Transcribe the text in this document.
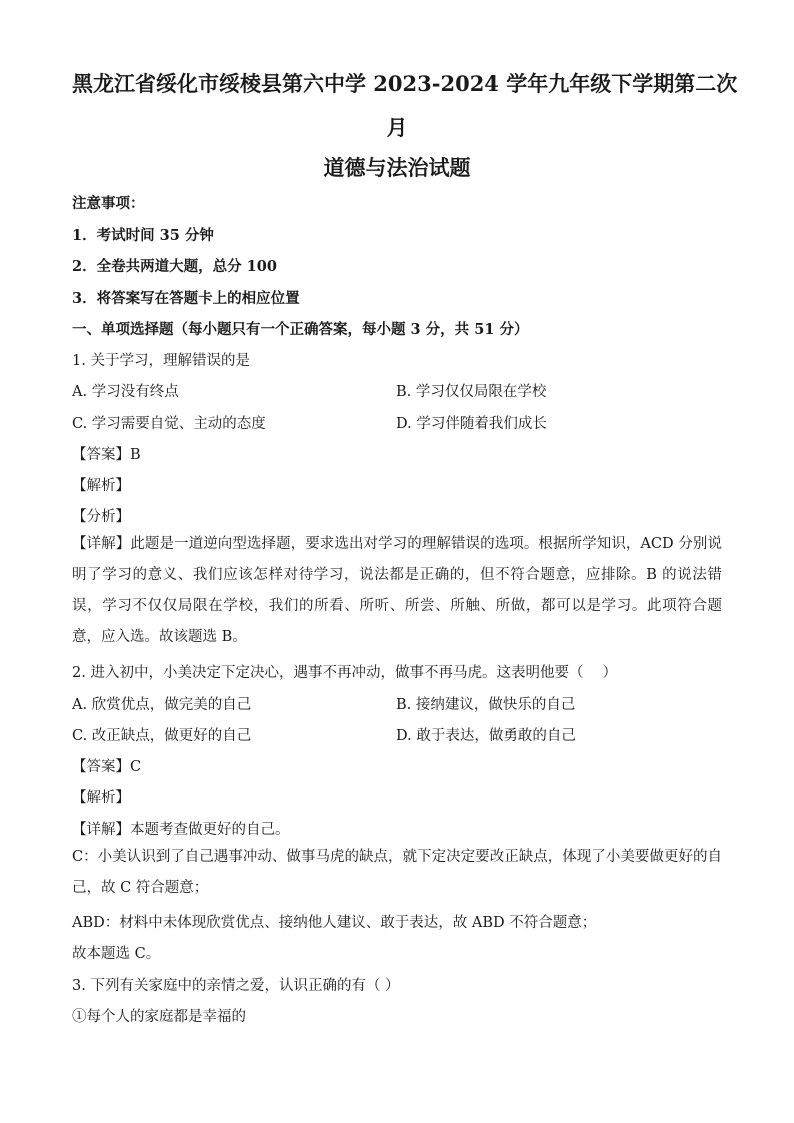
黑龙江省绥化市绥棱县第六中学 2023-2024 学年九年级下学期第二次
月
道德与法治试题
注意事项：
1．考试时间 35 分钟
2．全卷共两道大题，总分 100
3．将答案写在答题卡上的相应位置
一、单项选择题（每小题只有一个正确答案，每小题 3 分，共 51 分）
1. 关于学习，理解错误的是
A. 学习没有终点	B. 学习仅仅局限在学校
C. 学习需要自觉、主动的态度	D. 学习伴随着我们成长
【答案】B
【解析】
【分析】
【详解】此题是一道逆向型选择题，要求选出对学习的理解错误的选项。根据所学知识，ACD 分别说明了学习的意义、我们应该怎样对待学习，说法都是正确的，但不符合题意，应排除。B 的说法错误，学习不仅仅局限在学校，我们的所看、所听、所尝、所触、所做，都可以是学习。此项符合题意，应入选。故该题选 B。
2. 进入初中，小美决定下定决心，遇事不再冲动，做事不再马虎。这表明他要（　 ）
A. 欣赏优点，做完美的自己	B. 接纳建议，做快乐的自己
C. 改正缺点，做更好的自己	D. 敢于表达，做勇敢的自己
【答案】C
【解析】
【详解】本题考查做更好的自己。
C：小美认识到了自己遇事冲动、做事马虎的缺点，就下定决定要改正缺点，体现了小美要做更好的自己，故 C 符合题意；
ABD：材料中未体现欣赏优点、接纳他人建议、敢于表达，故 ABD 不符合题意；
故本题选 C。
3. 下列有关家庭中的亲情之爱，认识正确的有（ ）
①每个人的家庭都是幸福的
